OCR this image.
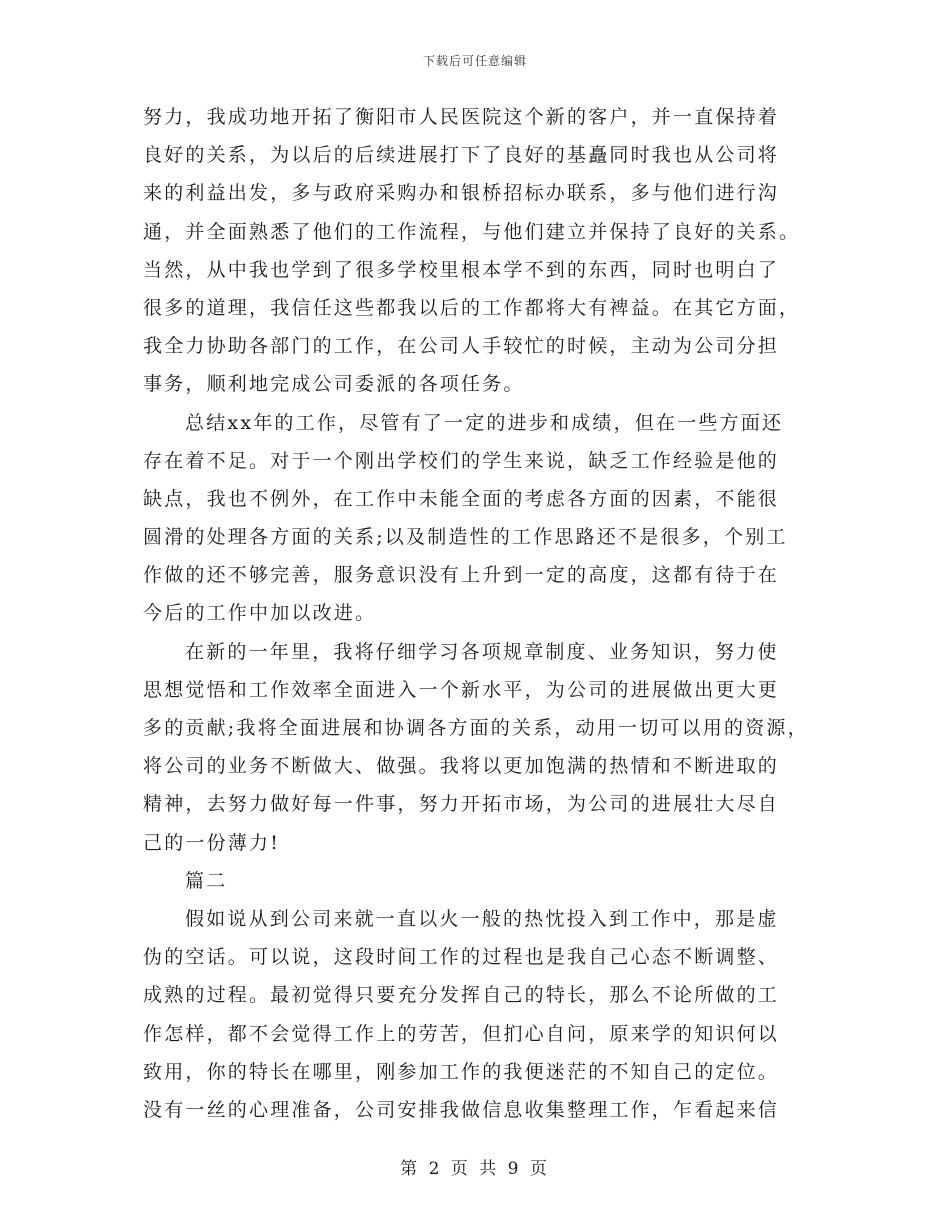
下载后可任意编辑
努力，我成功地开拓了衡阳市人民医院这个新的客户，并一直保持着
良好的关系，为以后的后续进展打下了良好的基矗同时我也从公司将
来的利益出发，多与政府采购办和银桥招标办联系，多与他们进行沟
通，并全面熟悉了他们的工作流程，与他们建立并保持了良好的关系。
当然，从中我也学到了很多学校里根本学不到的东西，同时也明白了
很多的道理，我信任这些都我以后的工作都将大有裨益。在其它方面，
我全力协助各部门的工作，在公司人手较忙的时候，主动为公司分担
事务，顺利地完成公司委派的各项任务。
总结xx年的工作，尽管有了一定的进步和成绩，但在一些方面还
存在着不足。对于一个刚出学校们的学生来说，缺乏工作经验是他的
缺点，我也不例外，在工作中未能全面的考虑各方面的因素，不能很
圆滑的处理各方面的关系;以及制造性的工作思路还不是很多，个别工
作做的还不够完善，服务意识没有上升到一定的高度，这都有待于在
今后的工作中加以改进。
在新的一年里，我将仔细学习各项规章制度、业务知识，努力使
思想觉悟和工作效率全面进入一个新水平，为公司的进展做出更大更
多的贡献;我将全面进展和协调各方面的关系，动用一切可以用的资源，
将公司的业务不断做大、做强。我将以更加饱满的热情和不断进取的
精神，去努力做好每一件事，努力开拓市场，为公司的进展壮大尽自
己的一份薄力!
篇二
假如说从到公司来就一直以火一般的热忱投入到工作中，那是虚
伪的空话。可以说，这段时间工作的过程也是我自己心态不断调整、
成熟的过程。最初觉得只要充分发挥自己的特长，那么不论所做的工
作怎样，都不会觉得工作上的劳苦，但扪心自问，原来学的知识何以
致用，你的特长在哪里，刚参加工作的我便迷茫的不知自己的定位。
没有一丝的心理准备，公司安排我做信息收集整理工作，乍看起来信
第 2 页 共 9 页
